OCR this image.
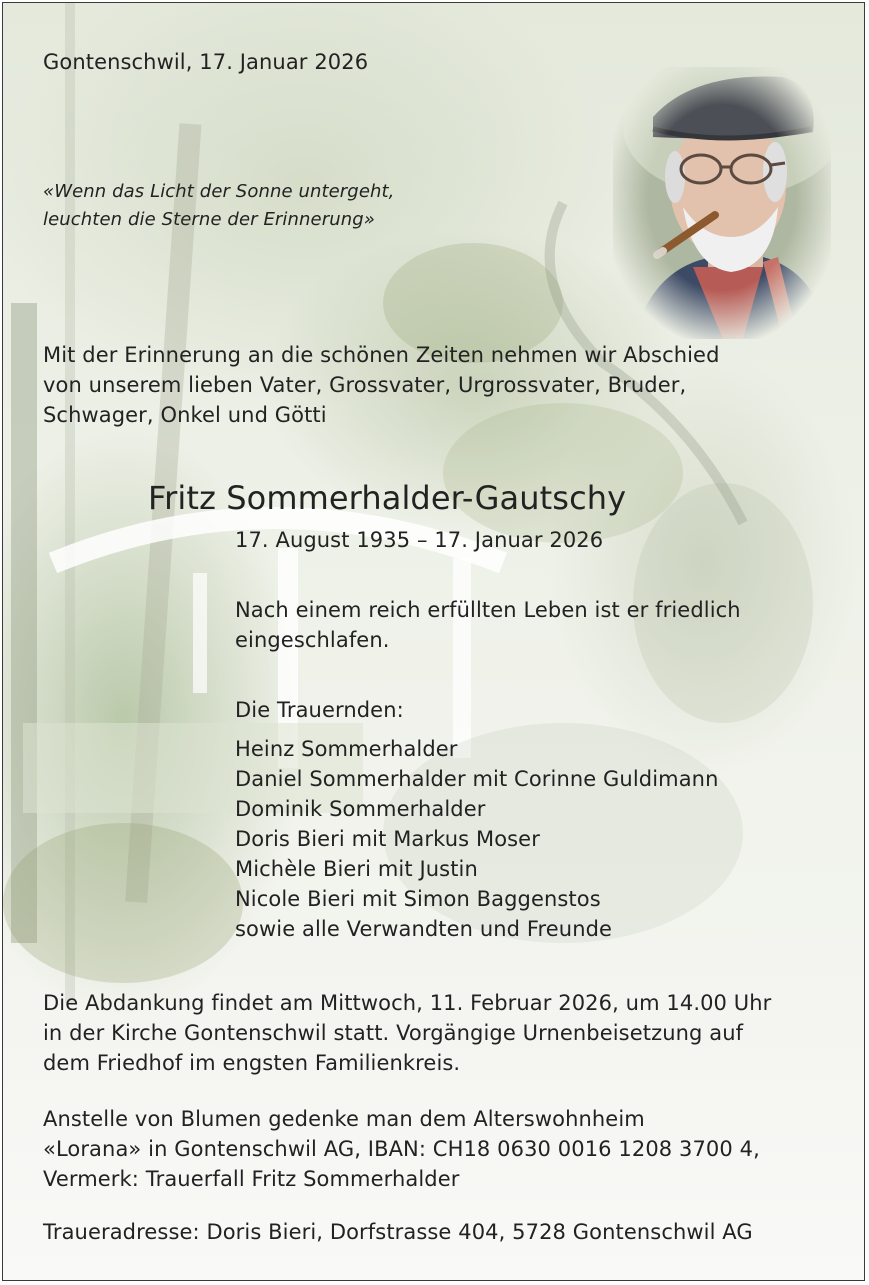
Gontenschwil, 17. Januar 2026
«Wenn das Licht der Sonne untergeht,
leuchten die Sterne der Erinnerung»
Mit der Erinnerung an die schönen Zeiten nehmen wir Abschied
von unserem lieben Vater, Grossvater, Urgrossvater, Bruder,
Schwager, Onkel und Götti
Fritz Sommerhalder-Gautschy
17. August 1935 – 17. Januar 2026
Nach einem reich erfüllten Leben ist er friedlich
eingeschlafen.
Die Trauernden:
Heinz Sommerhalder
Daniel Sommerhalder mit Corinne Guldimann
Dominik Sommerhalder
Doris Bieri mit Markus Moser
Michèle Bieri mit Justin
Nicole Bieri mit Simon Baggenstos
sowie alle Verwandten und Freunde
Die Abdankung findet am Mittwoch, 11. Februar 2026, um 14.00 Uhr
in der Kirche Gontenschwil statt. Vorgängige Urnenbeisetzung auf
dem Friedhof im engsten Familienkreis.
Anstelle von Blumen gedenke man dem Alterswohnheim
«Lorana» in Gontenschwil AG, IBAN: CH18 0630 0016 1208 3700 4,
Vermerk: Trauerfall Fritz Sommerhalder
Traueradresse: Doris Bieri, Dorfstrasse 404, 5728 Gontenschwil AG
